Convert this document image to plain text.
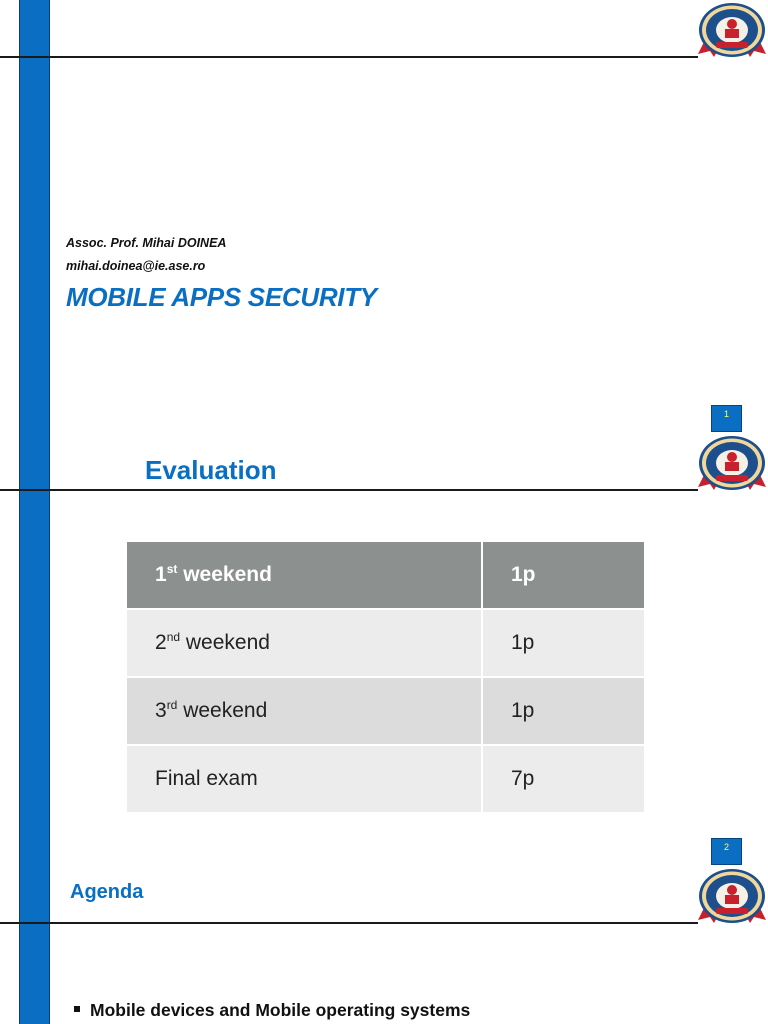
Assoc. Prof. Mihai DOINEA
mihai.doinea@ie.ase.ro
MOBILE APPS SECURITY
1
2
Evaluation
1st weekend	1p
2nd weekend	1p
3rd weekend	1p
Final exam	7p
Agenda
Mobile devices and Mobile operating systems
